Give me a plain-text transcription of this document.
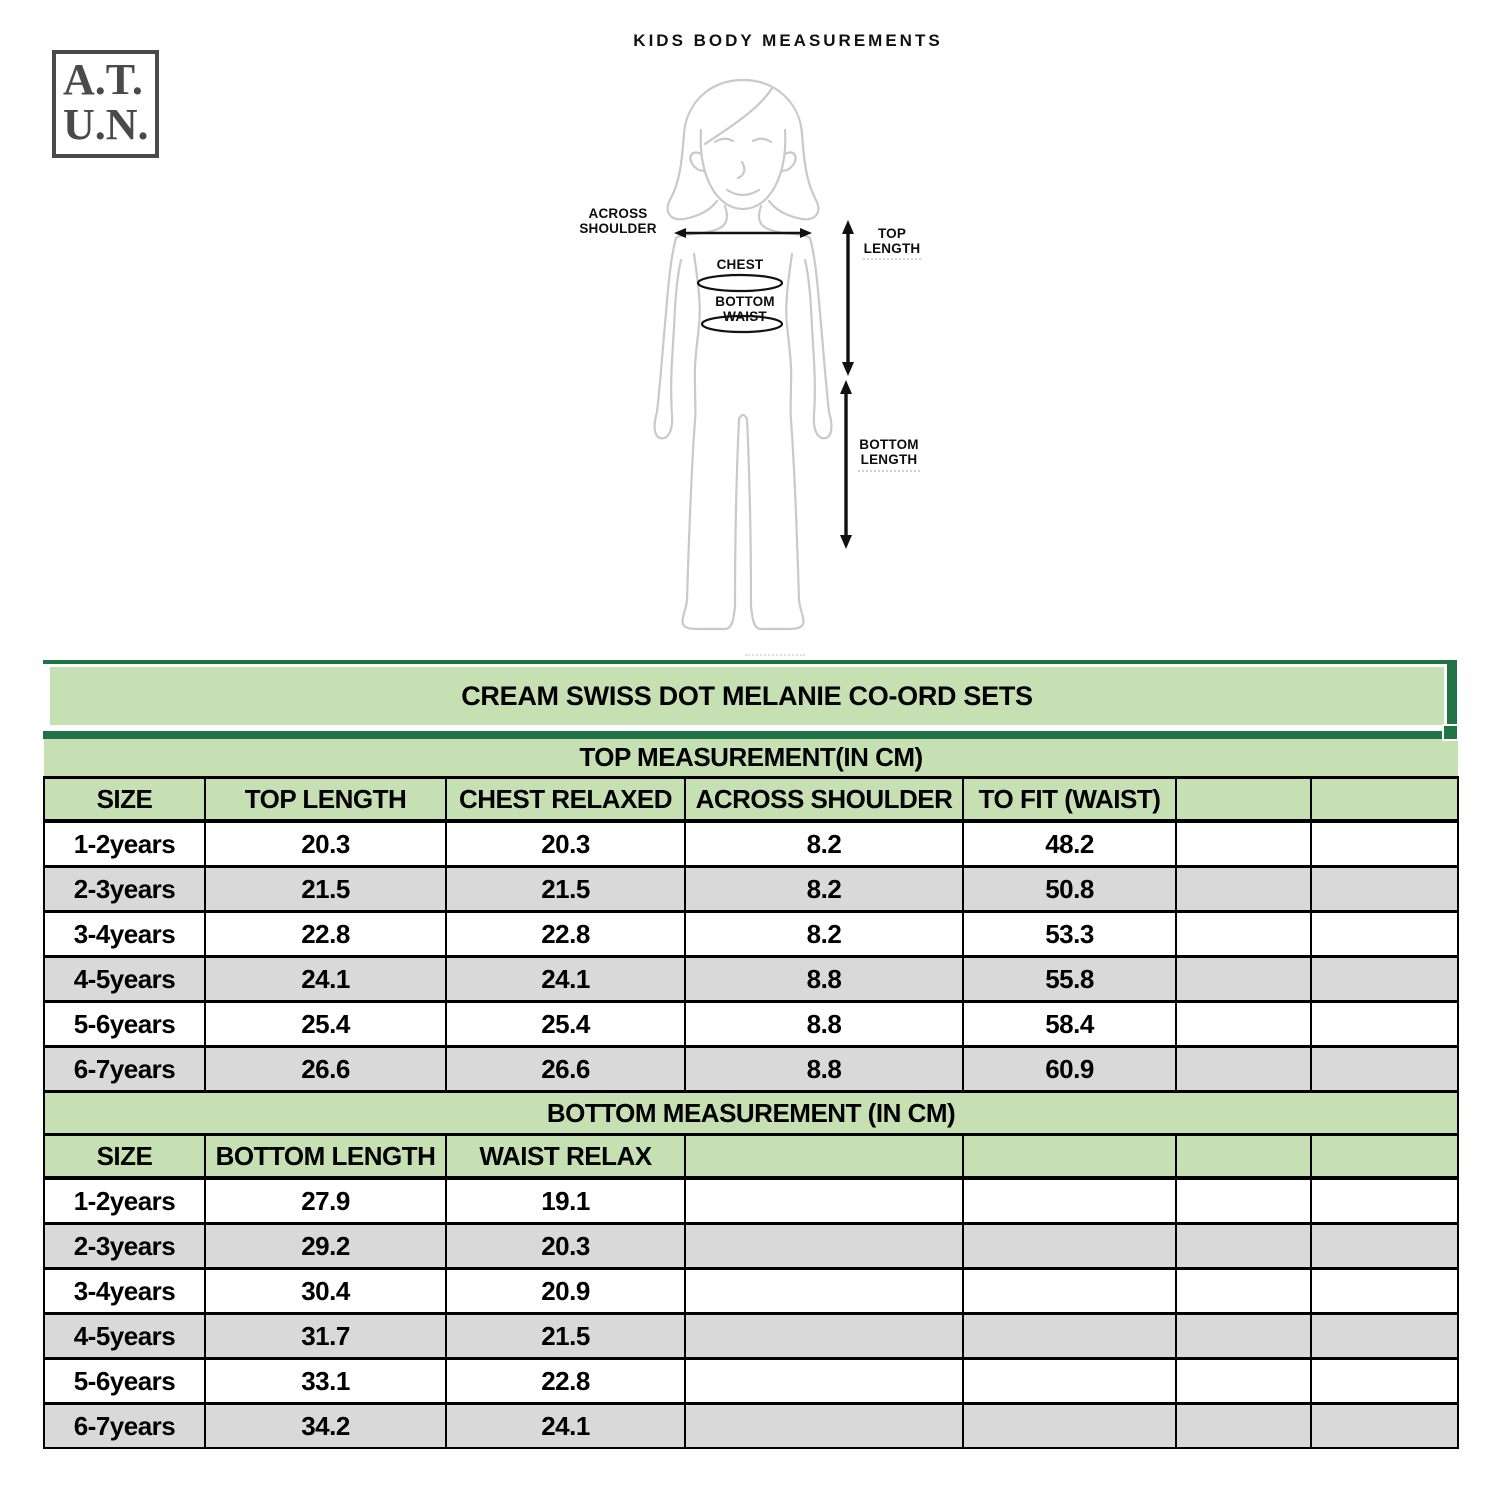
KIDS BODY MEASUREMENTS
A.T.
U.N.
ACROSS
SHOULDER
CHEST
BOTTOM
WAIST
TOP
LENGTH
BOTTOM
LENGTH
CREAM SWISS DOT MELANIE CO-ORD SETS
TOP MEASUREMENT(IN CM)						
SIZE	TOP LENGTH	CHEST RELAXED	ACROSS SHOULDER	TO FIT (WAIST)		
1-2years	20.3	20.3	8.2	48.2		
2-3years	21.5	21.5	8.2	50.8		
3-4years	22.8	22.8	8.2	53.3		
4-5years	24.1	24.1	8.8	55.8		
5-6years	25.4	25.4	8.8	58.4		
6-7years	26.6	26.6	8.8	60.9		
BOTTOM MEASUREMENT (IN CM)						
SIZE	BOTTOM LENGTH	WAIST RELAX				
1-2years	27.9	19.1				
2-3years	29.2	20.3				
3-4years	30.4	20.9				
4-5years	31.7	21.5				
5-6years	33.1	22.8				
6-7years	34.2	24.1				
